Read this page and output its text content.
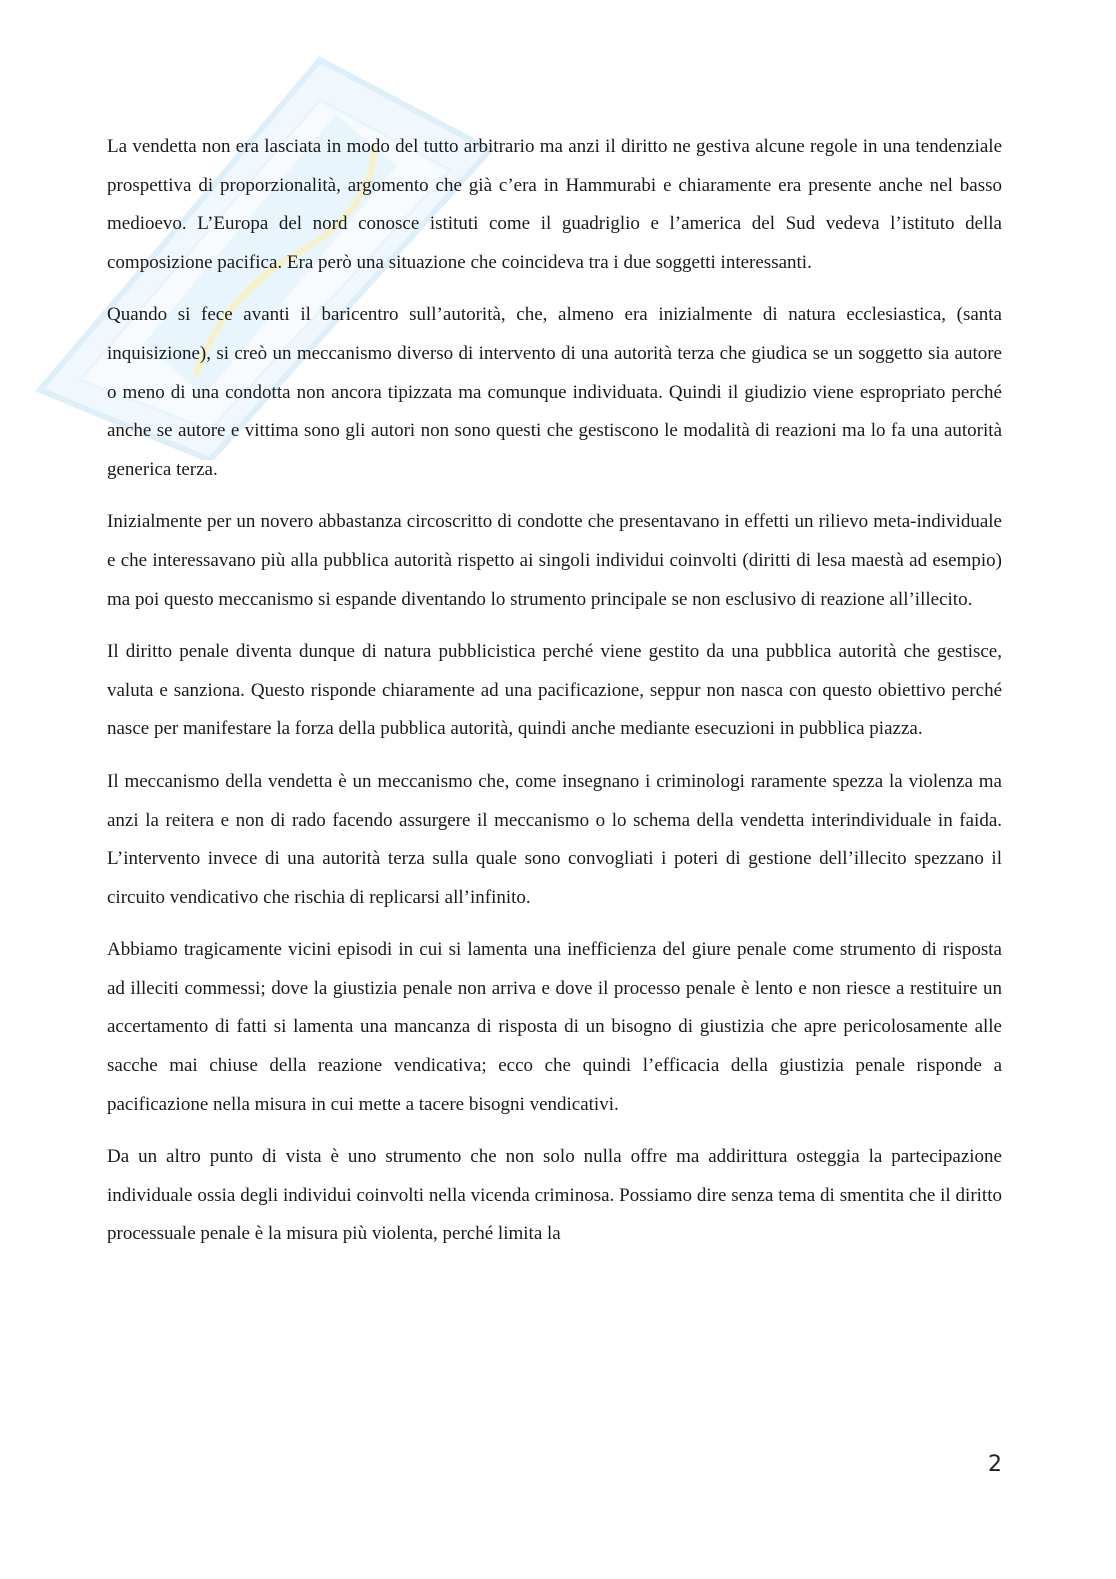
La vendetta non era lasciata in modo del tutto arbitrario ma anzi il diritto ne gestiva alcune regole in una tendenziale prospettiva di proporzionalità, argomento che già c’era in Hammurabi e chiaramente era presente anche nel basso medioevo. L’Europa del nord conosce istituti come il guadriglio e l’america del Sud vedeva l’istituto della composizione pacifica. Era però una situazione che coincideva tra i due soggetti interessanti.

Quando si fece avanti il baricentro sull’autorità, che, almeno era inizialmente di natura ecclesiastica, (santa inquisizione), si creò un meccanismo diverso di intervento di una autorità terza che giudica se un soggetto sia autore o meno di una condotta non ancora tipizzata ma comunque individuata. Quindi il giudizio viene espropriato perché anche se autore e vittima sono gli autori non sono questi che gestiscono le modalità di reazioni ma lo fa una autorità generica terza.

Inizialmente per un novero abbastanza circoscritto di condotte che presentavano in effetti un rilievo meta-individuale e che interessavano più alla pubblica autorità rispetto ai singoli individui coinvolti (diritti di lesa maestà ad esempio) ma poi questo meccanismo si espande diventando lo strumento principale se non esclusivo di reazione all’illecito.

Il diritto penale diventa dunque di natura pubblicistica perché viene gestito da una pubblica autorità che gestisce, valuta e sanziona. Questo risponde chiaramente ad una pacificazione, seppur non nasca con questo obiettivo perché nasce per manifestare la forza della pubblica autorità, quindi anche mediante esecuzioni in pubblica piazza.

Il meccanismo della vendetta è un meccanismo che, come insegnano i criminologi raramente spezza la violenza ma anzi la reitera e non di rado facendo assurgere il meccanismo o lo schema della vendetta interindividuale in faida. L’intervento invece di una autorità terza sulla quale sono convogliati i poteri di gestione dell’illecito spezzano il circuito vendicativo che rischia di replicarsi all’infinito.

Abbiamo tragicamente vicini episodi in cui si lamenta una inefficienza del giure penale come strumento di risposta ad illeciti commessi; dove la giustizia penale non arriva e dove il processo penale è lento e non riesce a restituire un accertamento di fatti si lamenta una mancanza di risposta di un bisogno di giustizia che apre pericolosamente alle sacche mai chiuse della reazione vendicativa; ecco che quindi l’efficacia della giustizia penale risponde a pacificazione nella misura in cui mette a tacere bisogni vendicativi.

Da un altro punto di vista è uno strumento che non solo nulla offre ma addirittura osteggia la partecipazione individuale ossia degli individui coinvolti nella vicenda criminosa. Possiamo dire senza tema di smentita che il diritto processuale penale è la misura più violenta, perché limita la

2
